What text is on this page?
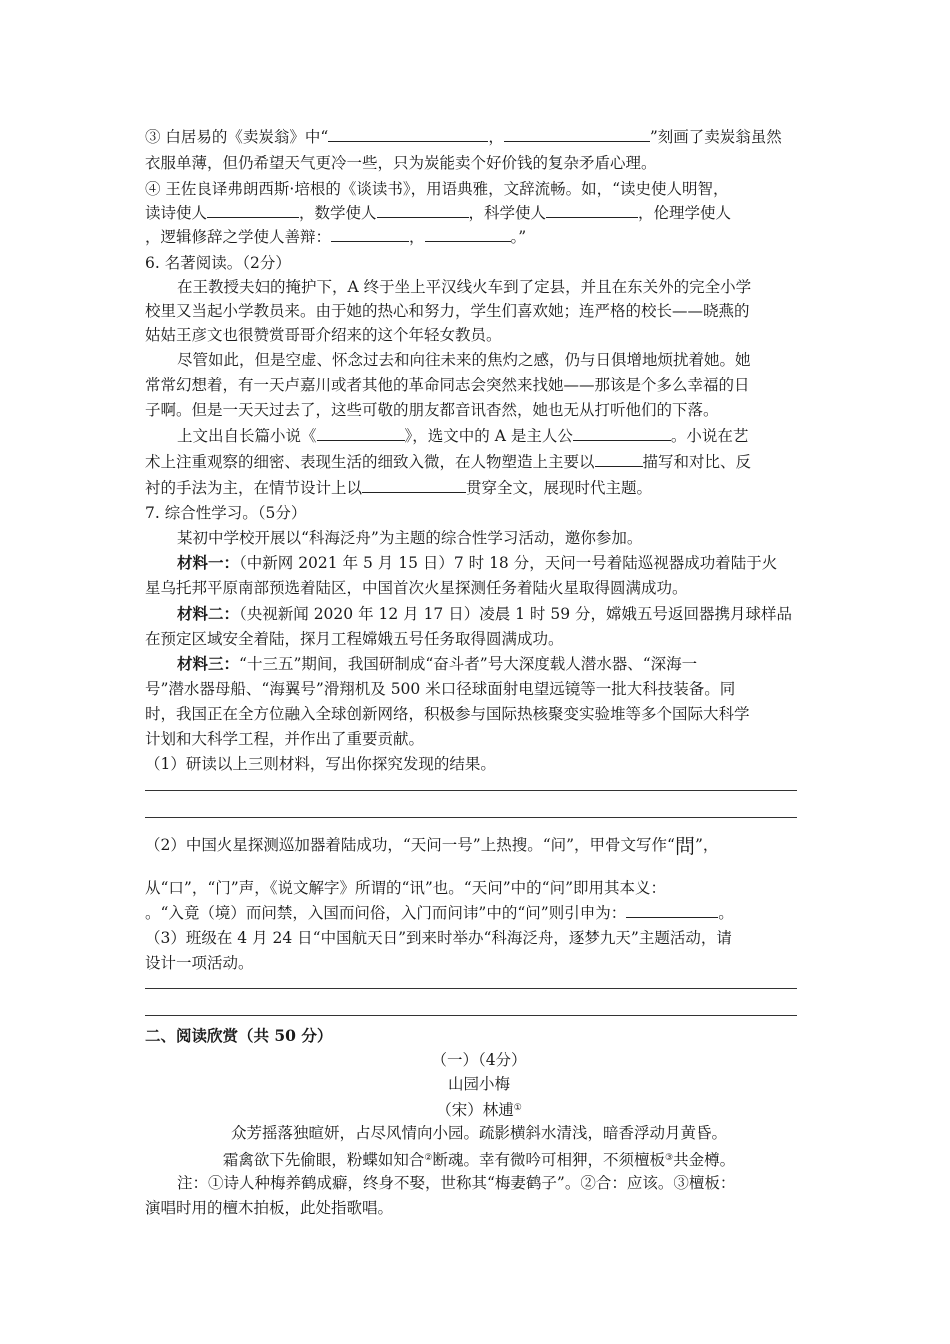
③ 白居易的《卖炭翁》中“	，	”刻画了卖炭翁虽然
衣服单薄，但仍希望天气更冷一些，只为炭能卖个好价钱的复杂矛盾心理。
④ 王佐良译弗朗西斯·培根的《谈读书》，用语典雅，文辞流畅。如，“读史使人明智，
读诗使人	，数学使人	，科学使人	，伦理学使人
，逻辑修辞之学使人善辩：	，	。”
6. 名著阅读。（2分）
在王教授夫妇的掩护下，A 终于坐上平汉线火车到了定县，并且在东关外的完全小学
校里又当起小学教员来。由于她的热心和努力，学生们喜欢她；连严格的校长——晓燕的
姑姑王彦文也很赞赏哥哥介绍来的这个年轻女教员。
尽管如此，但是空虚、怀念过去和向往未来的焦灼之感，仍与日俱增地烦扰着她。她
常常幻想着，有一天卢嘉川或者其他的革命同志会突然来找她——那该是个多么幸福的日
子啊。但是一天天过去了，这些可敬的朋友都音讯杳然，她也无从打听他们的下落。
上文出自长篇小说《	》，选文中的 A 是主人公	。小说在艺
术上注重观察的细密、表现生活的细致入微，在人物塑造上主要以	描写和对比、反
衬的手法为主，在情节设计上以	贯穿全文，展现时代主题。
7. 综合性学习。（5分）
某初中学校开展以“科海泛舟”为主题的综合性学习活动，邀你参加。
材料一：（中新网 2021 年 5 月 15 日）7 时 18 分，天问一号着陆巡视器成功着陆于火
星乌托邦平原南部预选着陆区，中国首次火星探测任务着陆火星取得圆满成功。
材料二：（央视新闻 2020 年 12 月 17 日）凌晨 1 时 59 分，嫦娥五号返回器携月球样品
在预定区域安全着陆，探月工程嫦娥五号任务取得圆满成功。
材料三：“十三五”期间，我国研制成“奋斗者”号大深度载人潜水器、“深海一
号”潜水器母船、“海翼号”滑翔机及 500 米口径球面射电望远镜等一批大科技装备。同
时，我国正在全方位融入全球创新网络，积极参与国际热核聚变实验堆等多个国际大科学
计划和大科学工程，并作出了重要贡献。
（1）研读以上三则材料，写出你探究发现的结果。
（2）中国火星探测巡加器着陆成功，“天问一号”上热搜。“问”，甲骨文写作“問”，
从“口”，“门”声，《说文解字》所谓的“讯”也。“天问”中的“问”即用其本义：
。“入竟（境）而问禁，入国而问俗，入门而问讳”中的“问”则引申为：	。
（3）班级在 4 月 24 日“中国航天日”到来时举办“科海泛舟，逐梦九天”主题活动，请
设计一项活动。
二、阅读欣赏（共 50 分）
（一）（4分）
山园小梅
（宋）林逋①
众芳摇落独暄妍，占尽风情向小园。疏影横斜水清浅，暗香浮动月黄昏。
霜禽欲下先偷眼，粉蝶如知合②断魂。幸有微吟可相狎，不须檀板③共金樽。
注：①诗人种梅养鹤成癖，终身不娶，世称其“梅妻鹤子”。②合：应该。③檀板：
演唱时用的檀木拍板，此处指歌唱。
